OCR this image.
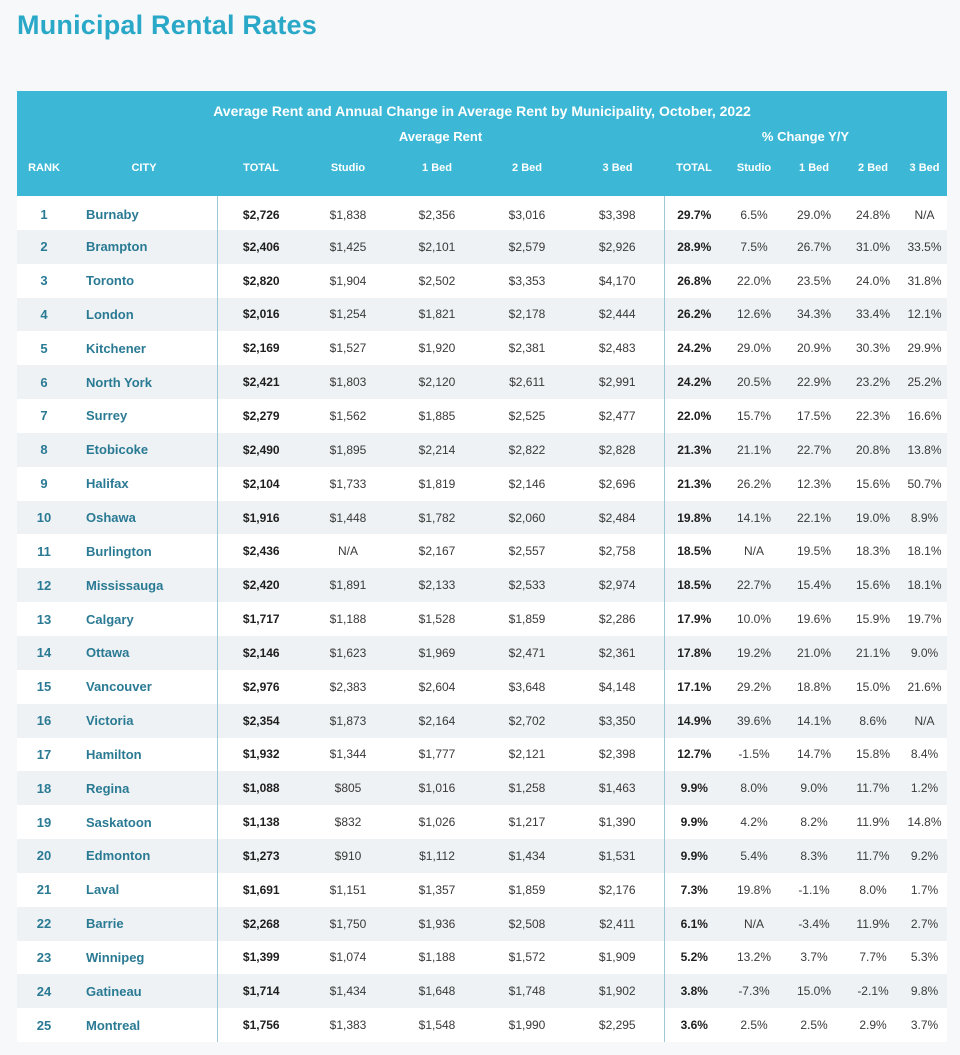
Municipal Rental Rates
Average Rent and Annual Change in Average Rent by Municipality, October, 2022											
		Average Rent					% Change Y/Y				
RANK	CITY	TOTAL	Studio	1 Bed	2 Bed	3 Bed	TOTAL	Studio	1 Bed	2 Bed	3 Bed
1	Burnaby	$2,726	$1,838	$2,356	$3,016	$3,398	29.7%	6.5%	29.0%	24.8%	N/A
2	Brampton	$2,406	$1,425	$2,101	$2,579	$2,926	28.9%	7.5%	26.7%	31.0%	33.5%
3	Toronto	$2,820	$1,904	$2,502	$3,353	$4,170	26.8%	22.0%	23.5%	24.0%	31.8%
4	London	$2,016	$1,254	$1,821	$2,178	$2,444	26.2%	12.6%	34.3%	33.4%	12.1%
5	Kitchener	$2,169	$1,527	$1,920	$2,381	$2,483	24.2%	29.0%	20.9%	30.3%	29.9%
6	North York	$2,421	$1,803	$2,120	$2,611	$2,991	24.2%	20.5%	22.9%	23.2%	25.2%
7	Surrey	$2,279	$1,562	$1,885	$2,525	$2,477	22.0%	15.7%	17.5%	22.3%	16.6%
8	Etobicoke	$2,490	$1,895	$2,214	$2,822	$2,828	21.3%	21.1%	22.7%	20.8%	13.8%
9	Halifax	$2,104	$1,733	$1,819	$2,146	$2,696	21.3%	26.2%	12.3%	15.6%	50.7%
10	Oshawa	$1,916	$1,448	$1,782	$2,060	$2,484	19.8%	14.1%	22.1%	19.0%	8.9%
11	Burlington	$2,436	N/A	$2,167	$2,557	$2,758	18.5%	N/A	19.5%	18.3%	18.1%
12	Mississauga	$2,420	$1,891	$2,133	$2,533	$2,974	18.5%	22.7%	15.4%	15.6%	18.1%
13	Calgary	$1,717	$1,188	$1,528	$1,859	$2,286	17.9%	10.0%	19.6%	15.9%	19.7%
14	Ottawa	$2,146	$1,623	$1,969	$2,471	$2,361	17.8%	19.2%	21.0%	21.1%	9.0%
15	Vancouver	$2,976	$2,383	$2,604	$3,648	$4,148	17.1%	29.2%	18.8%	15.0%	21.6%
16	Victoria	$2,354	$1,873	$2,164	$2,702	$3,350	14.9%	39.6%	14.1%	8.6%	N/A
17	Hamilton	$1,932	$1,344	$1,777	$2,121	$2,398	12.7%	-1.5%	14.7%	15.8%	8.4%
18	Regina	$1,088	$805	$1,016	$1,258	$1,463	9.9%	8.0%	9.0%	11.7%	1.2%
19	Saskatoon	$1,138	$832	$1,026	$1,217	$1,390	9.9%	4.2%	8.2%	11.9%	14.8%
20	Edmonton	$1,273	$910	$1,112	$1,434	$1,531	9.9%	5.4%	8.3%	11.7%	9.2%
21	Laval	$1,691	$1,151	$1,357	$1,859	$2,176	7.3%	19.8%	-1.1%	8.0%	1.7%
22	Barrie	$2,268	$1,750	$1,936	$2,508	$2,411	6.1%	N/A	-3.4%	11.9%	2.7%
23	Winnipeg	$1,399	$1,074	$1,188	$1,572	$1,909	5.2%	13.2%	3.7%	7.7%	5.3%
24	Gatineau	$1,714	$1,434	$1,648	$1,748	$1,902	3.8%	-7.3%	15.0%	-2.1%	9.8%
25	Montreal	$1,756	$1,383	$1,548	$1,990	$2,295	3.6%	2.5%	2.5%	2.9%	3.7%
